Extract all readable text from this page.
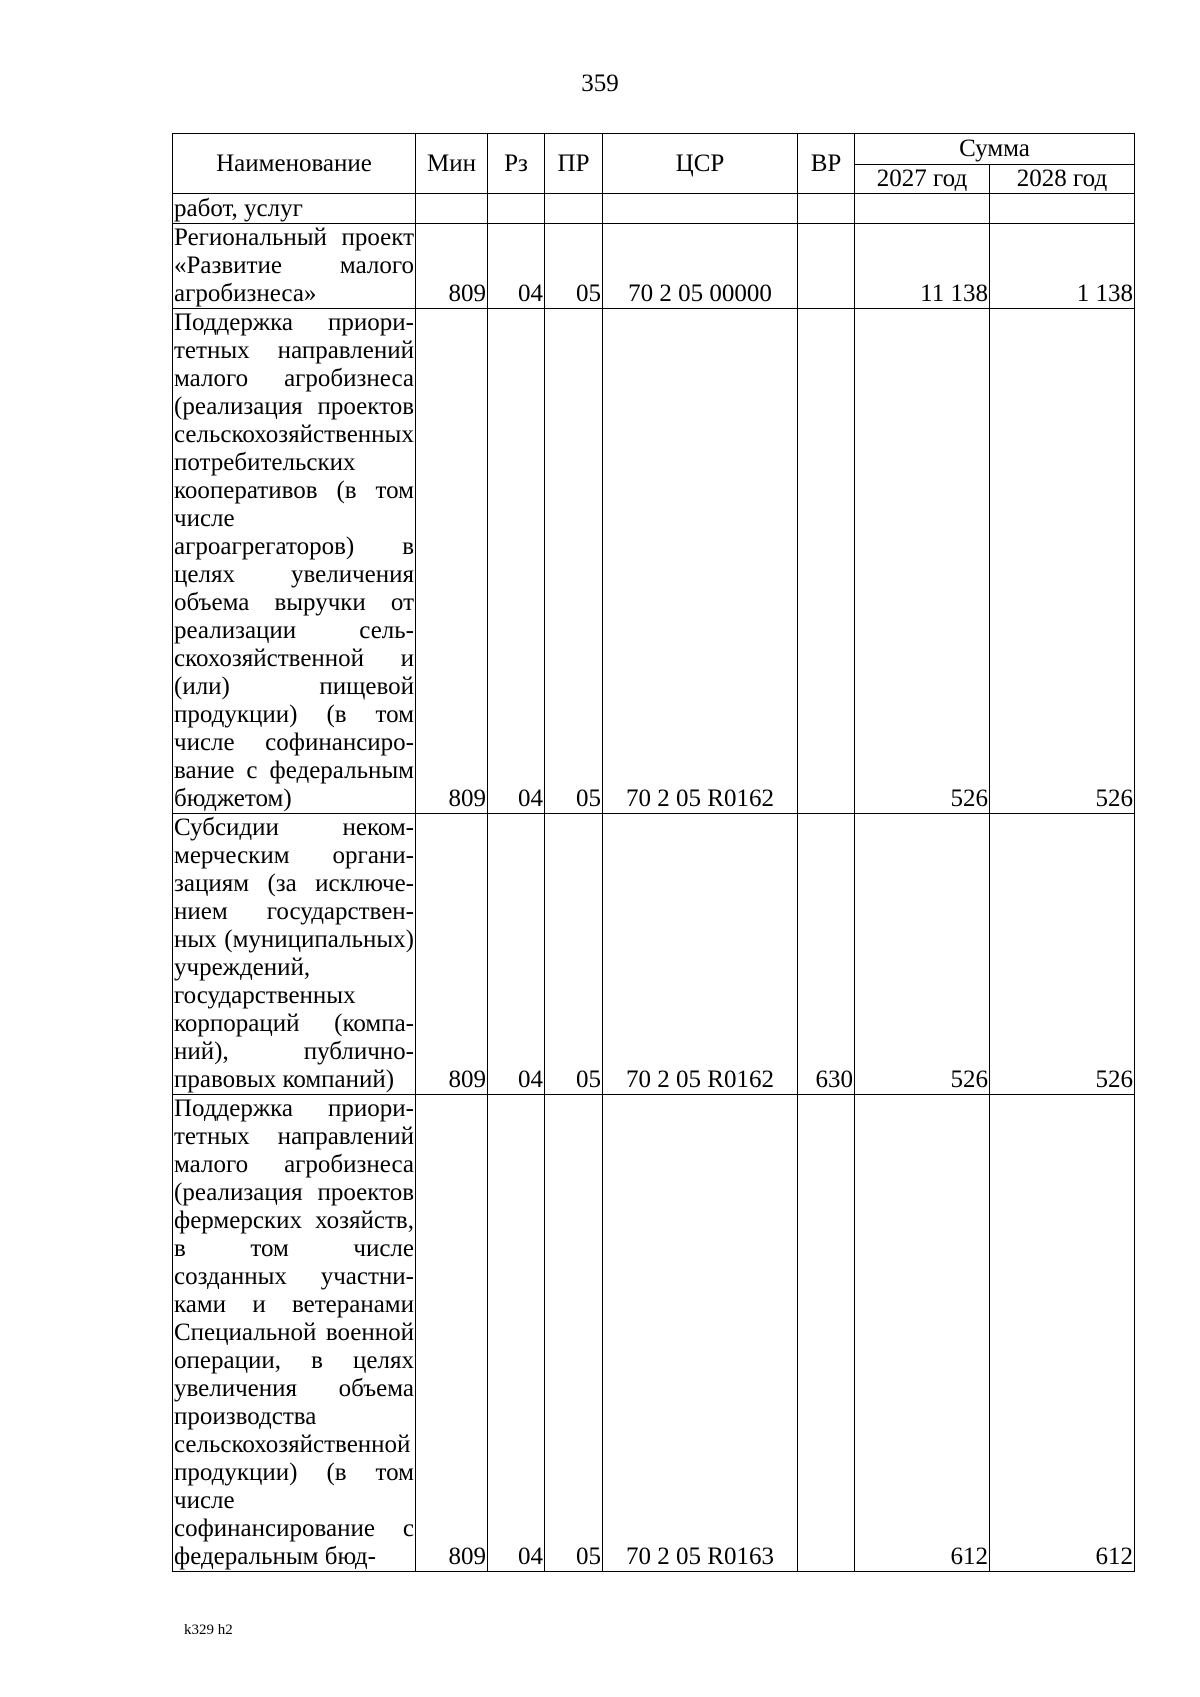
359
Наименование	Мин	Рз	ПР	ЦСР	ВР	Сумма	
						2027 год	2028 год
работ, услуг							
Региональный проект «Развитие малого агробизнеса»	809	04	05	70 2 05 00000		11 138	1 138
Поддержка приоритетных направлений малого агробизнеса (реализация проектов сельскохозяйственных потребительских кооперативов (в том числе агроагрегаторов) в целях увеличения объема выручки от реализации сельскохозяйственной и (или) пищевой продукции) (в том числе софинансирование с федеральным бюджетом)	809	04	05	70 2 05 R0162		526	526
Субсидии некоммерческим организациям (за исключением государственных (муниципальных) учреждений, государственных корпораций (компаний), публично-правовых компаний)	809	04	05	70 2 05 R0162	630	526	526
Поддержка приоритетных направлений малого агробизнеса (реализация проектов фермерских хозяйств, в том числе созданных участниками и ветеранами Специальной военной операции, в целях увеличения объема производства сельскохозяйственной продукции) (в том числе софинансирование с федеральным бюд-	809	04	05	70 2 05 R0163		612	612
k329 h2
